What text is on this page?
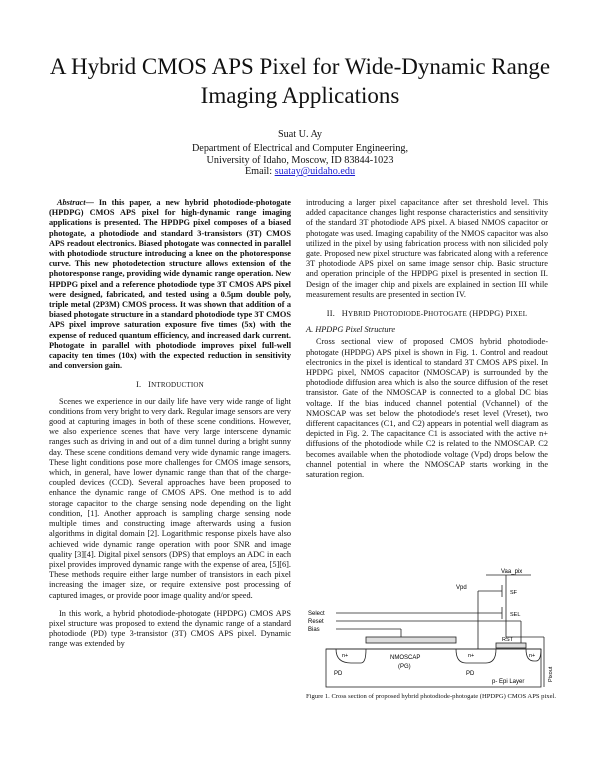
A Hybrid CMOS APS Pixel for Wide-Dynamic Range Imaging Applications
Suat U. Ay
Department of Electrical and Computer Engineering,
University of Idaho, Moscow, ID 83844-1023
Email: suatay@uidaho.edu

Abstract— In this paper, a new hybrid photodiode-photogate (HPDPG) CMOS APS pixel for high-dynamic range imaging applications is presented. The HPDPG pixel composes of a biased photogate, a photodiode and standard 3-transistors (3T) CMOS APS readout electronics. Biased photogate was connected in parallel with photodiode structure introducing a knee on the photoresponse curve. This new photodetection structure allows extension of the photoresponse range, providing wide dynamic range operation. New HPDPG pixel and a reference photodiode type 3T CMOS APS pixel were designed, fabricated, and tested using a 0.5µm double poly, triple metal (2P3M) CMOS process. It was shown that addition of a biased photogate structure in a standard photodiode type 3T CMOS APS pixel improve saturation exposure five times (5x) with the expense of reduced quantum efficiency, and increased dark current. Photogate in parallel with photodiode improves pixel full-well capacity ten times (10x) with the expected reduction in sensitivity and conversion gain.

I. INTRODUCTION

Scenes we experience in our daily life have very wide range of light conditions from very bright to very dark. Regular image sensors are very good at capturing images in both of these scene conditions. However, we also experience scenes that have very large interscene dynamic ranges such as driving in and out of a dim tunnel during a bright sunny day. These scene conditions demand very wide dynamic range imagers. These light conditions pose more challenges for CMOS image sensors, which, in general, have lower dynamic range than that of the charge-coupled devices (CCD). Several approaches have been proposed to enhance the dynamic range of CMOS APS. One method is to add storage capacitor to the charge sensing node depending on the light condition, [1]. Another approach is sampling charge sensing node multiple times and constructing image afterwards using a fusion algorithms in digital domain [2]. Logarithmic response pixels have also achieved wide dynamic range operation with poor SNR and image quality [3][4]. Digital pixel sensors (DPS) that employs an ADC in each pixel provides improved dynamic range with the expense of area, [5][6]. These methods require either large number of transistors in each pixel increasing the imager size, or require extensive post processing of captured images, or provide poor image quality and/or speed.

In this work, a hybrid photodiode-photogate (HPDPG) CMOS APS pixel structure was proposed to extend the dynamic range of a standard photodiode (PD) type 3-transistor (3T) CMOS APS pixel. Dynamic range was extended by

introducing a larger pixel capacitance after set threshold level. This added capacitance changes light response characteristics and sensitivity of the standard 3T photodiode APS pixel. A biased NMOS capacitor or photogate was used. Imaging capability of the NMOS capacitor was also utilized in the pixel by using fabrication process with non silicided poly gate. Proposed new pixel structure was fabricated along with a reference 3T photodiode APS pixel on same image sensor chip. Basic structure and operation principle of the HPDPG pixel is presented in section II. Design of the imager chip and pixels are explained in section III while measurement results are presented in section IV.

II. HYBRID PHOTODIODE-PHOTOGATE (HPDPG) PIXEL
A. HPDPG Pixel Structure

Cross sectional view of proposed CMOS hybrid photodiode-photogate (HPDPG) APS pixel is shown in Fig. 1. Control and readout electronics in the pixel is identical to standard 3T CMOS APS pixel. In HPDPG pixel, NMOS capacitor (NMOSCAP) is surrounded by the photodiode diffusion area which is also the source diffusion of the reset transistor. Gate of the NMOSCAP is connected to a global DC bias voltage. If the bias induced channel potential (Vchannel) of the NMOSCAP was set below the photodiode's reset level (Vreset), two different capacitances (C1, and C2) appears in potential well diagram as depicted in Fig. 2. The capacitance C1 is associated with the active n+ diffusions of the photodiode while C2 is related to the NMOSCAP. C2 becomes available when the photodiode voltage (Vpd) drops below the channel potential in where the NMOSCAP starts working in the saturation region.

Vaa_pix
Vpd
SF
SEL
Select
Reset
Bias
RST
n+	n+	n+
NMOSCAP
(PG)
PD	PD
p- Epi Layer	Pixout
Figure 1. Cross section of proposed hybrid photodiode-photogate (HPDPG) CMOS APS pixel.
